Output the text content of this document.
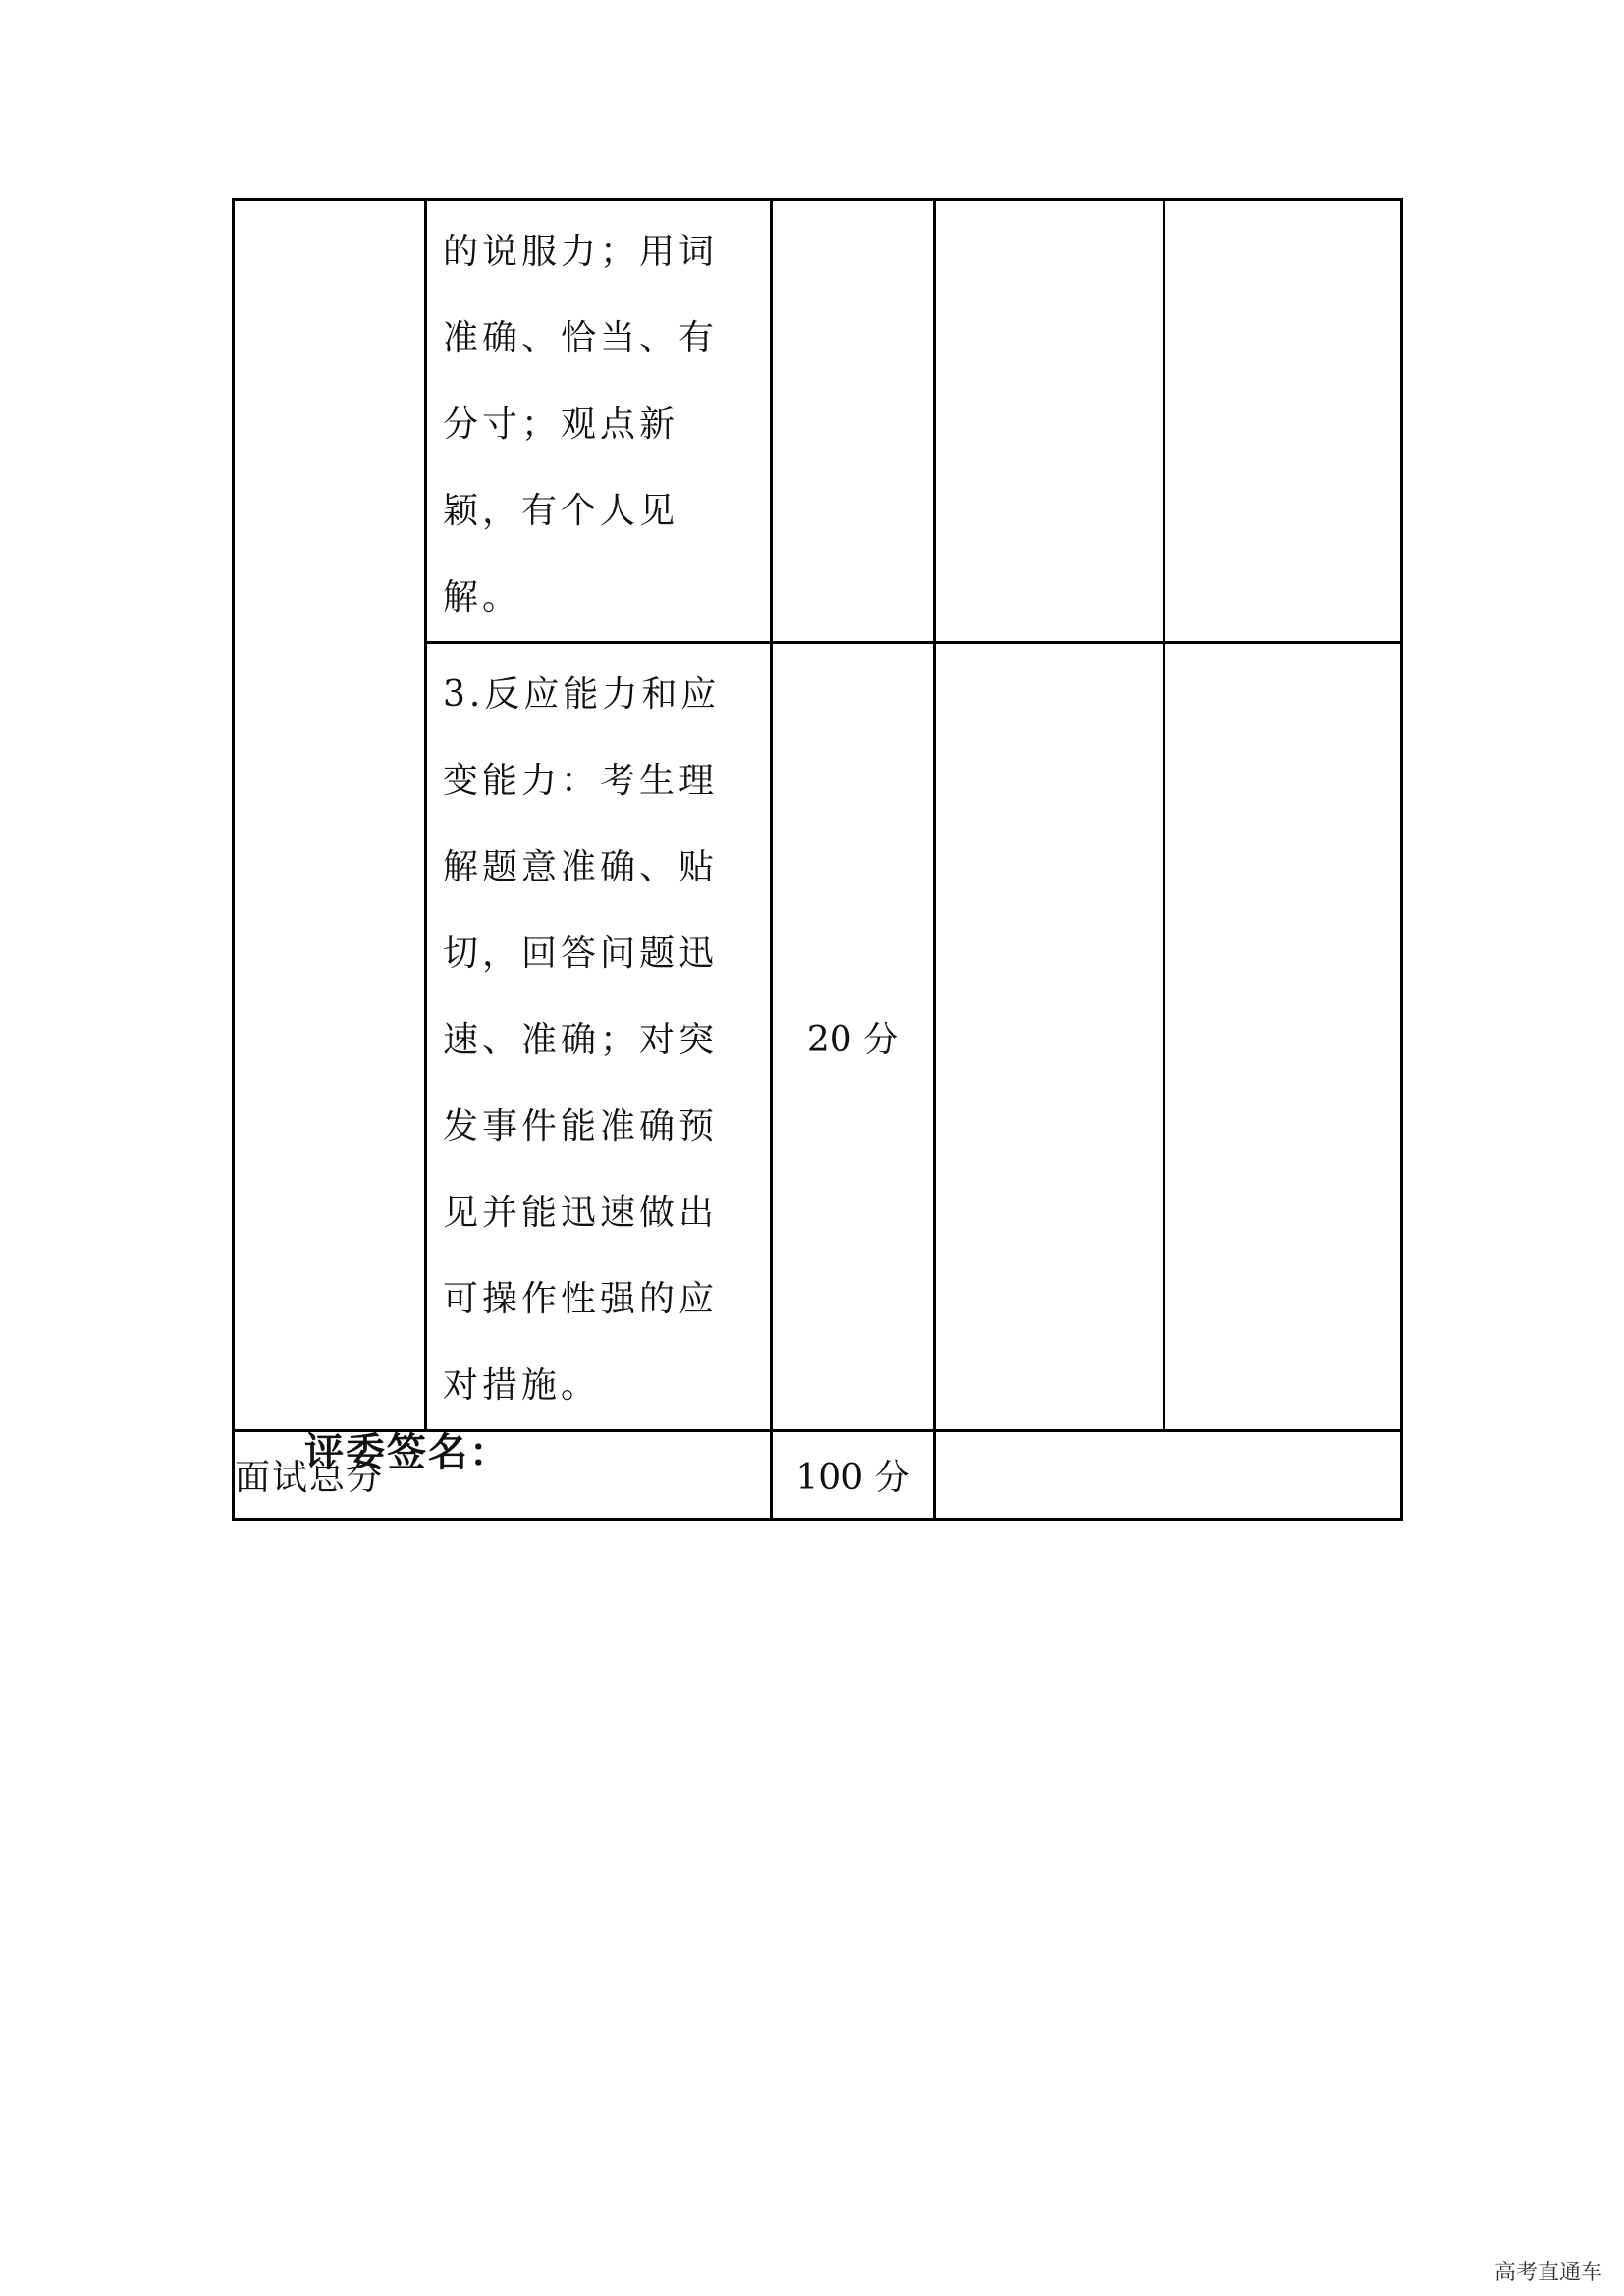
	的说服力；用词准确、恰当、有分寸；观点新颖，有个人见解。			

	3.反应能力和应变能力：考生理解题意准确、贴切，回答问题迅速、准确；对突发事件能准确预见并能迅速做出可操作性强的应对措施。	20 分		
面试总分		100 分		

评委签名：

高考直通车
